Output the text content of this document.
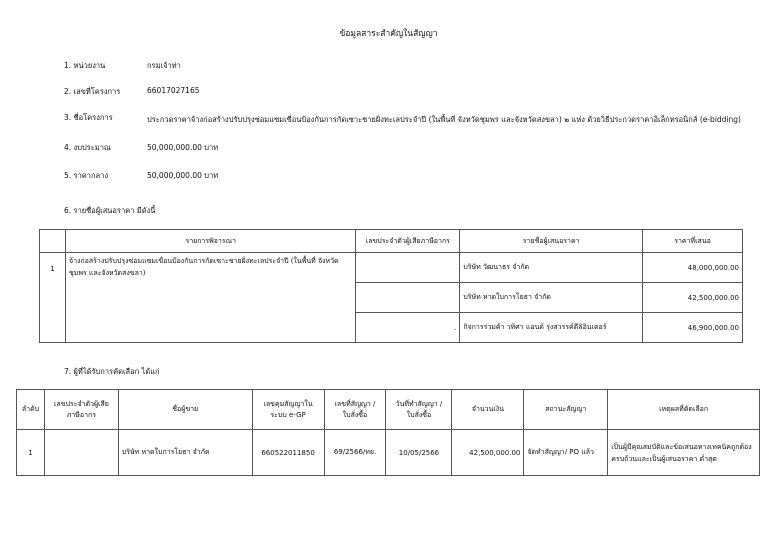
ข้อมูลสาระสำคัญในสัญญา
1. หน่วยงาน	กรมเจ้าท่า
2. เลขที่โครงการ	66017027165
3. ชื่อโครงการ	ประกวดราคาจ้างก่อสร้างปรับปรุงซ่อมแซมเขื่อนป้องกันการกัดเซาะชายฝั่งทะเลประจำปี (ในพื้นที่ จังหวัดชุมพร และจังหวัดสงขลา) ๒ แห่ง ด้วยวิธีประกวดราคาอิเล็กทรอนิกส์ (e-bidding)
4. งบประมาณ	50,000,000.00 บาท
5. ราคากลาง	50,000,000.00 บาท
6. รายชื่อผู้เสนอราคา มีดังนี้
	รายการพิจารณา	เลขประจำตัวผู้เสียภาษีอากร	รายชื่อผู้เสนอราคา	ราคาที่เสนอ
1	จ้างก่อสร้างปรับปรุงซ่อมแซมเขื่อนป้องกันการกัดเซาะชายฝั่งทะเลประจำปี (ในพื้นที่ จังหวัดชุมพร และจังหวัดสงขลา)		บริษัท วัฒนาธร จำกัด	48,000,000.00
			บริษัท หาดใบการโยธา จำกัด	42,500,000.00
		.	กิจการร่วมค้า วทิศา แอนด์ รุ่งสวรรค์ดีลิอินเตอร์	46,900,000.00
7. ผู้ที่ได้รับการคัดเลือก ได้แก่
ลำดับ	เลขประจำตัวผู้เสียภาษีอากร	ชื่อผู้ขาย	เลขคุมสัญญาในระบบ e-GP	เลขที่สัญญา / ใบสั่งซื้อ	วันที่ทำสัญญา / ใบสั่งซื้อ	จำนวนเงิน	สถานะสัญญา	เหตุผลที่คัดเลือก
1		บริษัท หาดใบการโยธา จำกัด	660522011850	69/2566/ทย.	10/05/2566	42,500,000.00	จัดทำสัญญา/ PO แล้ว	เป็นผู้มีคุณสมบัติและข้อเสนอทางเทคนิคถูกต้องครบถ้วนและเป็นผู้เสนอราคา ต่ำสุด
